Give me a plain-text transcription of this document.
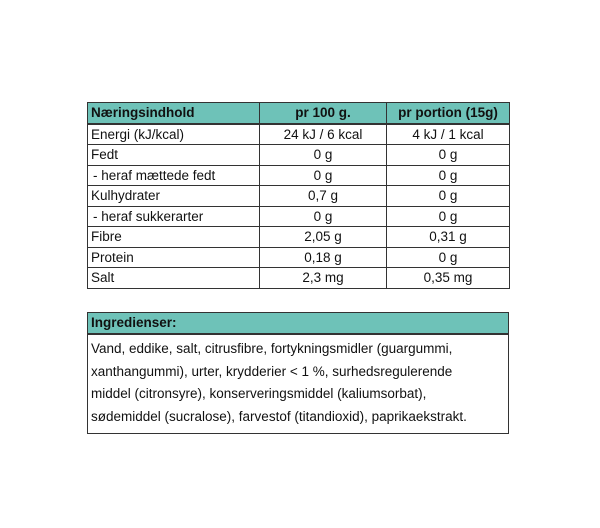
Næringsindhold	pr 100 g.	pr portion (15g)
Energi (kJ/kcal)	24 kJ / 6 kcal	4 kJ / 1 kcal
Fedt	0 g	0 g
- heraf mættede fedt	0 g	0 g
Kulhydrater	0,7 g	0 g
- heraf sukkerarter	0 g	0 g
Fibre	2,05 g	0,31 g
Protein	0,18 g	0 g
Salt	2,3 mg	0,35 mg
Ingredienser:
Vand, eddike, salt, citrusfibre, fortykningsmidler (guargummi,
xanthangummi), urter, krydderier < 1 %, surhedsregulerende
middel (citronsyre), konserveringsmiddel (kaliumsorbat),
sødemiddel (sucralose), farvestof (titandioxid), paprikaekstrakt.
